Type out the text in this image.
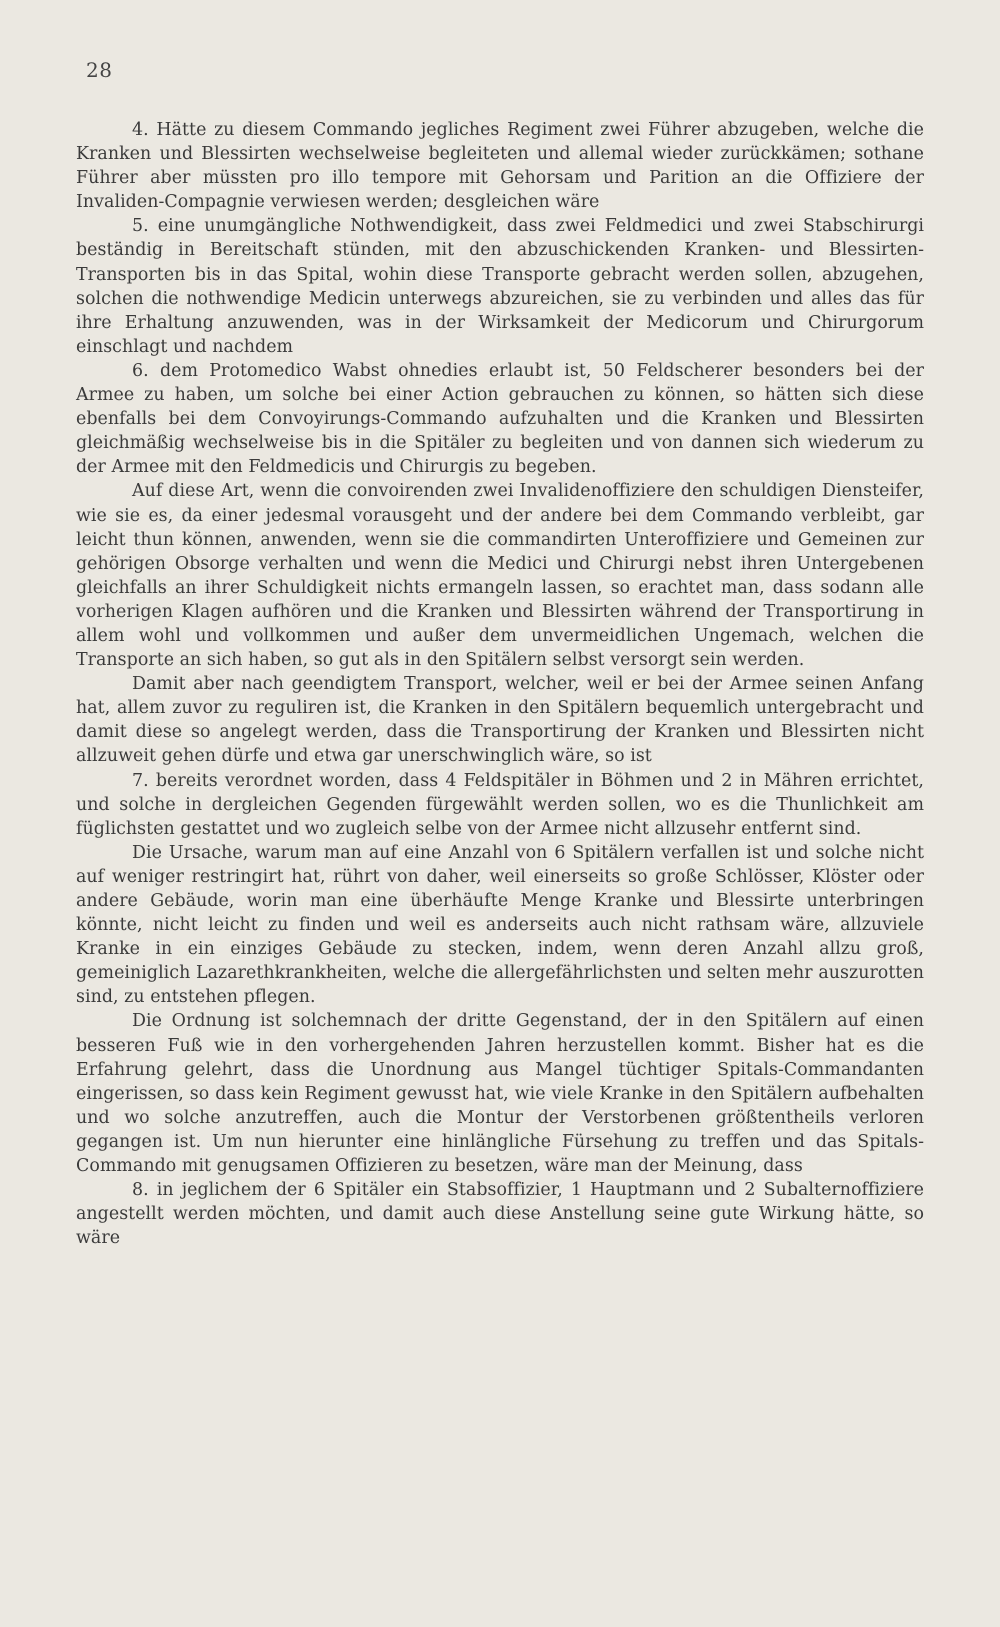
28

4. Hätte zu diesem Commando jegliches Regiment zwei Führer abzugeben, welche die Kranken und Blessirten wechselweise begleiteten und allemal wieder zurückkämen; sothane Führer aber müssten pro illo tempore mit Gehorsam und Parition an die Offiziere der Invaliden-Compagnie verwiesen werden; desgleichen wäre

5. eine unumgängliche Nothwendigkeit, dass zwei Feldmedici und zwei Stabschirurgi beständig in Bereitschaft stünden, mit den abzuschickenden Kranken- und Blessirten-Transporten bis in das Spital, wohin diese Transporte gebracht werden sollen, abzugehen, solchen die nothwendige Medicin unterwegs abzureichen, sie zu verbinden und alles das für ihre Erhaltung anzuwenden, was in der Wirksamkeit der Medicorum und Chirurgorum einschlagt und nachdem

6. dem Protomedico Wabst ohnedies erlaubt ist, 50 Feldscherer besonders bei der Armee zu haben, um solche bei einer Action gebrauchen zu können, so hätten sich diese ebenfalls bei dem Convoyirungs-Commando aufzuhalten und die Kranken und Blessirten gleichmäßig wechselweise bis in die Spitäler zu begleiten und von dannen sich wiederum zu der Armee mit den Feldmedicis und Chirurgis zu begeben.

Auf diese Art, wenn die convoirenden zwei Invalidenoffiziere den schuldigen Diensteifer, wie sie es, da einer jedesmal vorausgeht und der andere bei dem Commando verbleibt, gar leicht thun können, anwenden, wenn sie die commandirten Unteroffiziere und Gemeinen zur gehörigen Obsorge verhalten und wenn die Medici und Chirurgi nebst ihren Untergebenen gleichfalls an ihrer Schuldigkeit nichts ermangeln lassen, so erachtet man, dass sodann alle vorherigen Klagen aufhören und die Kranken und Blessirten während der Transportirung in allem wohl und vollkommen und außer dem unvermeidlichen Ungemach, welchen die Transporte an sich haben, so gut als in den Spitälern selbst versorgt sein werden.

Damit aber nach geendigtem Transport, welcher, weil er bei der Armee seinen Anfang hat, allem zuvor zu reguliren ist, die Kranken in den Spitälern bequemlich untergebracht und damit diese so angelegt werden, dass die Transportirung der Kranken und Blessirten nicht allzuweit gehen dürfe und etwa gar unerschwinglich wäre, so ist

7. bereits verordnet worden, dass 4 Feldspitäler in Böhmen und 2 in Mähren errichtet, und solche in dergleichen Gegenden fürgewählt werden sollen, wo es die Thunlichkeit am füglichsten gestattet und wo zugleich selbe von der Armee nicht allzusehr entfernt sind.

Die Ursache, warum man auf eine Anzahl von 6 Spitälern verfallen ist und solche nicht auf weniger restringirt hat, rührt von daher, weil einerseits so große Schlösser, Klöster oder andere Gebäude, worin man eine überhäufte Menge Kranke und Blessirte unterbringen könnte, nicht leicht zu finden und weil es anderseits auch nicht rathsam wäre, allzuviele Kranke in ein einziges Gebäude zu stecken, indem, wenn deren Anzahl allzu groß, gemeiniglich Lazarethkrankheiten, welche die allergefährlichsten und selten mehr auszurotten sind, zu entstehen pflegen.

Die Ordnung ist solchemnach der dritte Gegenstand, der in den Spitälern auf einen besseren Fuß wie in den vorhergehenden Jahren herzustellen kommt. Bisher hat es die Erfahrung gelehrt, dass die Unordnung aus Mangel tüchtiger Spitals-Commandanten eingerissen, so dass kein Regiment gewusst hat, wie viele Kranke in den Spitälern aufbehalten und wo solche anzutreffen, auch die Montur der Verstorbenen größtentheils verloren gegangen ist. Um nun hierunter eine hinlängliche Fürsehung zu treffen und das Spitals-Commando mit genugsamen Offizieren zu besetzen, wäre man der Meinung, dass

8. in jeglichem der 6 Spitäler ein Stabsoffizier, 1 Hauptmann und 2 Subalternoffiziere angestellt werden möchten, und damit auch diese Anstellung seine gute Wirkung hätte, so wäre
